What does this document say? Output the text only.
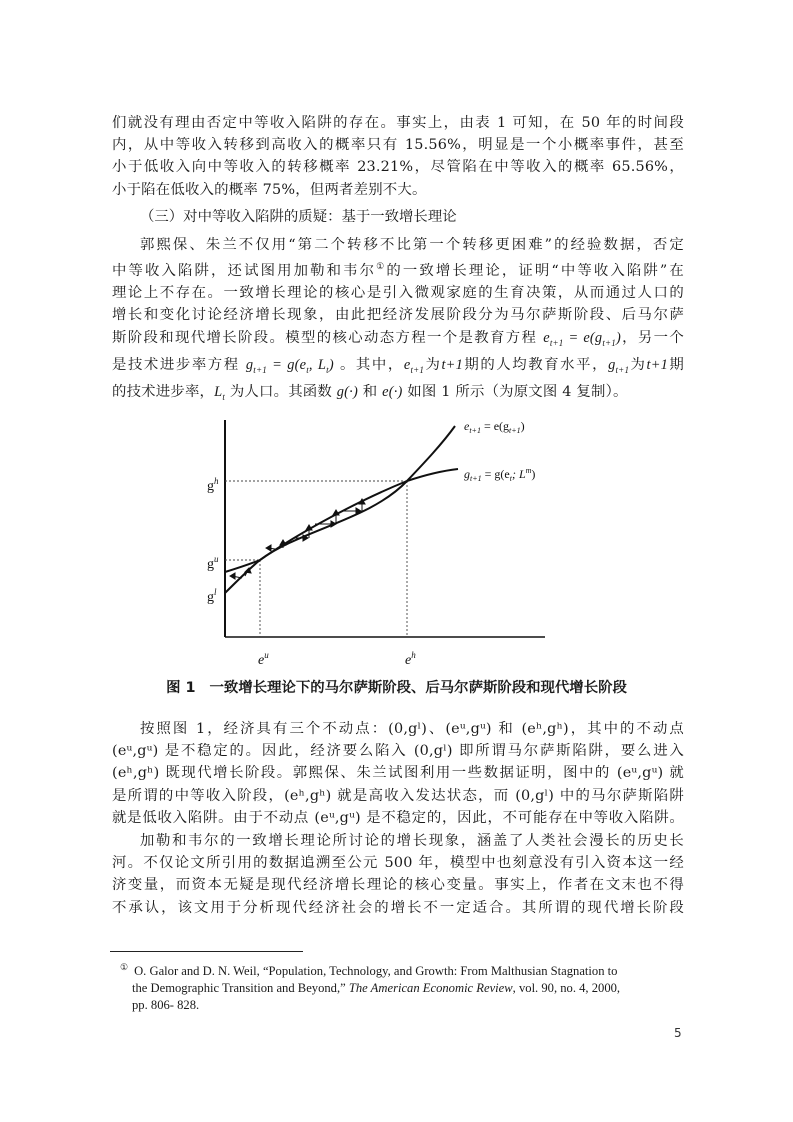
们就没有理由否定中等收入陷阱的存在。事实上，由表 1 可知，在 50 年的时间段
内，从中等收入转移到高收入的概率只有 15.56%，明显是一个小概率事件，甚至
小于低收入向中等收入的转移概率 23.21%，尽管陷在中等收入的概率 65.56%，
小于陷在低收入的概率 75%，但两者差别不大。
（三）对中等收入陷阱的质疑：基于一致增长理论
郭熙保、朱兰不仅用“第二个转移不比第一个转移更困难”的经验数据，否定
中等收入陷阱，还试图用加勒和韦尔①的一致增长理论，证明“中等收入陷阱”在
理论上不存在。一致增长理论的核心是引入微观家庭的生育决策，从而通过人口的
增长和变化讨论经济增长现象，由此把经济发展阶段分为马尔萨斯阶段、后马尔萨
斯阶段和现代增长阶段。模型的核心动态方程一个是教育方程 $e_{t+1} = e(g_{t+1})$，另一个
是技术进步率方程 $g_{t+1} = g(e_t$, $L_t$) 。其中，$e_{t+1}$为t+1期的人均教育水平，$g_{t+1}$为t+1期
的技术进步率，$L_t$ 为人口。其函数 g(·) 和 e(·) 如图 1 所示（为原文图 4 复制）。
$g^h$
$g^u$
$g^l$
$e^u$	$e^h$
$e_{t+1} = e(g_{t+1})$
$g_{t+1} = g(e_t$; $L^m$)
图 1 一致增长理论下的马尔萨斯阶段、后马尔萨斯阶段和现代增长阶段
按照图 1，经济具有三个不动点：(0,gˡ)、(eᵘ,gᵘ) 和 (eʰ,gʰ)，其中的不动点
(eᵘ,gᵘ) 是不稳定的。因此，经济要么陷入 (0,gˡ) 即所谓马尔萨斯陷阱，要么进入
(eʰ,gʰ) 既现代增长阶段。郭熙保、朱兰试图利用一些数据证明，图中的 (eᵘ,gᵘ) 就
是所谓的中等收入阶段，(eʰ,gʰ) 就是高收入发达状态，而 (0,gˡ) 中的马尔萨斯陷阱
就是低收入陷阱。由于不动点 (eᵘ,gᵘ) 是不稳定的，因此，不可能存在中等收入陷阱。
加勒和韦尔的一致增长理论所讨论的增长现象，涵盖了人类社会漫长的历史长
河。不仅论文所引用的数据追溯至公元 500 年，模型中也刻意没有引入资本这一经
济变量，而资本无疑是现代经济增长理论的核心变量。事实上，作者在文末也不得
不承认，该文用于分析现代经济社会的增长不一定适合。其所谓的现代增长阶段
① O. Galor and D. N. Weil, “Population, Technology, and Growth: From Malthusian Stagnation to
the Demographic Transition and Beyond,” The American Economic Review, vol. 90, no. 4, 2000,
pp. 806- 828.
5
